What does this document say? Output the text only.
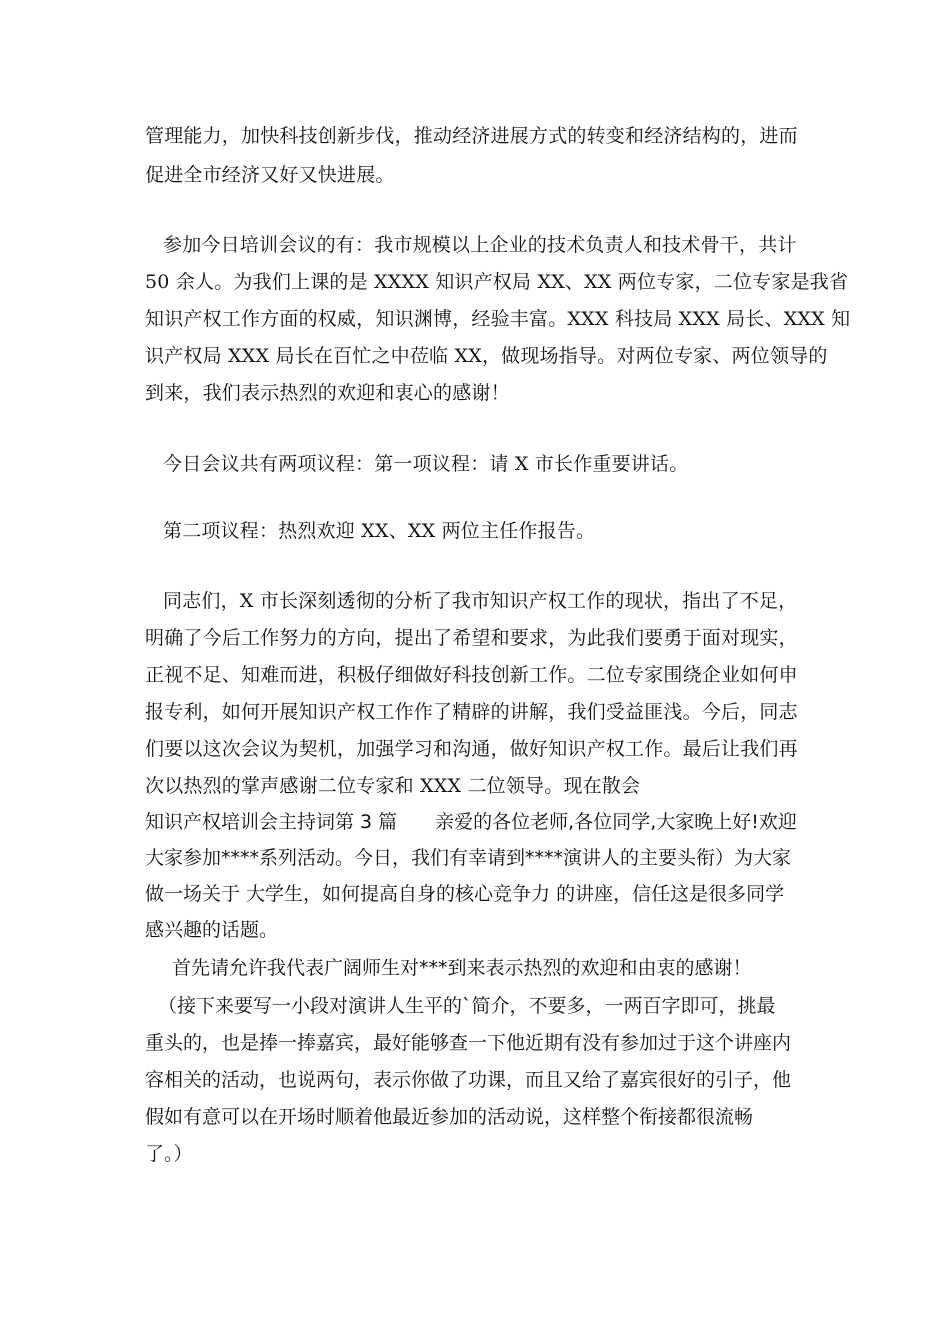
管理能力，加快科技创新步伐，推动经济进展方式的转变和经济结构的，进而
促进全市经济又好又快进展。
参加今日培训会议的有：我市规模以上企业的技术负责人和技术骨干，共计
50 余人。为我们上课的是 XXXX 知识产权局 XX、XX 两位专家，二位专家是我省
知识产权工作方面的权威，知识渊博，经验丰富。XXX 科技局 XXX 局长、XXX 知
识产权局 XXX 局长在百忙之中莅临 XX，做现场指导。对两位专家、两位领导的
到来，我们表示热烈的欢迎和衷心的感谢！
今日会议共有两项议程：第一项议程：请 X 市长作重要讲话。
第二项议程：热烈欢迎 XX、XX 两位主任作报告。
同志们，X 市长深刻透彻的分析了我市知识产权工作的现状，指出了不足，
明确了今后工作努力的方向，提出了希望和要求，为此我们要勇于面对现实，
正视不足、知难而进，积极仔细做好科技创新工作。二位专家围绕企业如何申
报专利，如何开展知识产权工作作了精辟的讲解，我们受益匪浅。今后，同志
们要以这次会议为契机，加强学习和沟通，做好知识产权工作。最后让我们再
次以热烈的掌声感谢二位专家和 XXX 二位领导。现在散会
知识产权培训会主持词第 3 篇　　亲爱的各位老师,各位同学,大家晚上好!欢迎
大家参加****系列活动。今日，我们有幸请到****演讲人的主要头衔）为大家
做一场关于 大学生，如何提高自身的核心竞争力 的讲座，信任这是很多同学
感兴趣的话题。
首先请允许我代表广阔师生对***到来表示热烈的欢迎和由衷的感谢！
（接下来要写一小段对演讲人生平的`简介，不要多，一两百字即可，挑最
重头的，也是捧一捧嘉宾，最好能够查一下他近期有没有参加过于这个讲座内
容相关的活动，也说两句，表示你做了功课，而且又给了嘉宾很好的引子，他
假如有意可以在开场时顺着他最近参加的活动说，这样整个衔接都很流畅
了。）
